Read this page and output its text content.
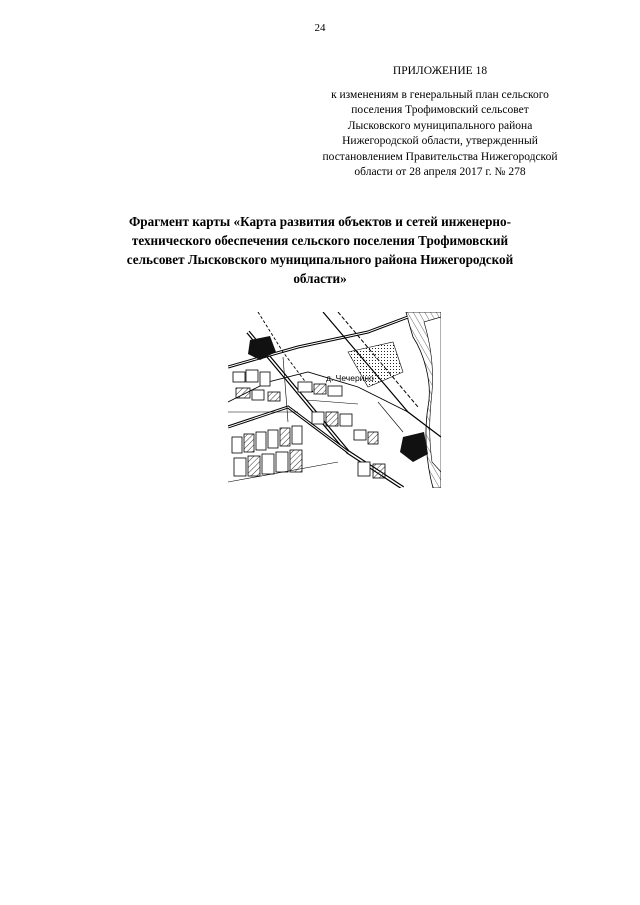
24
ПРИЛОЖЕНИЕ 18
к изменениям в генеральный план сельского
поселения Трофимовский сельсовет
Лысковского муниципального района
Нижегородской области, утвержденный
постановлением Правительства Нижегородской
области от 28 апреля 2017 г. № 278
Фрагмент карты «Карта развития объектов и сетей инженерно-
технического обеспечения сельского поселения Трофимовский
сельсовет Лысковского муниципального района Нижегородской
области»
д. Чечерино
